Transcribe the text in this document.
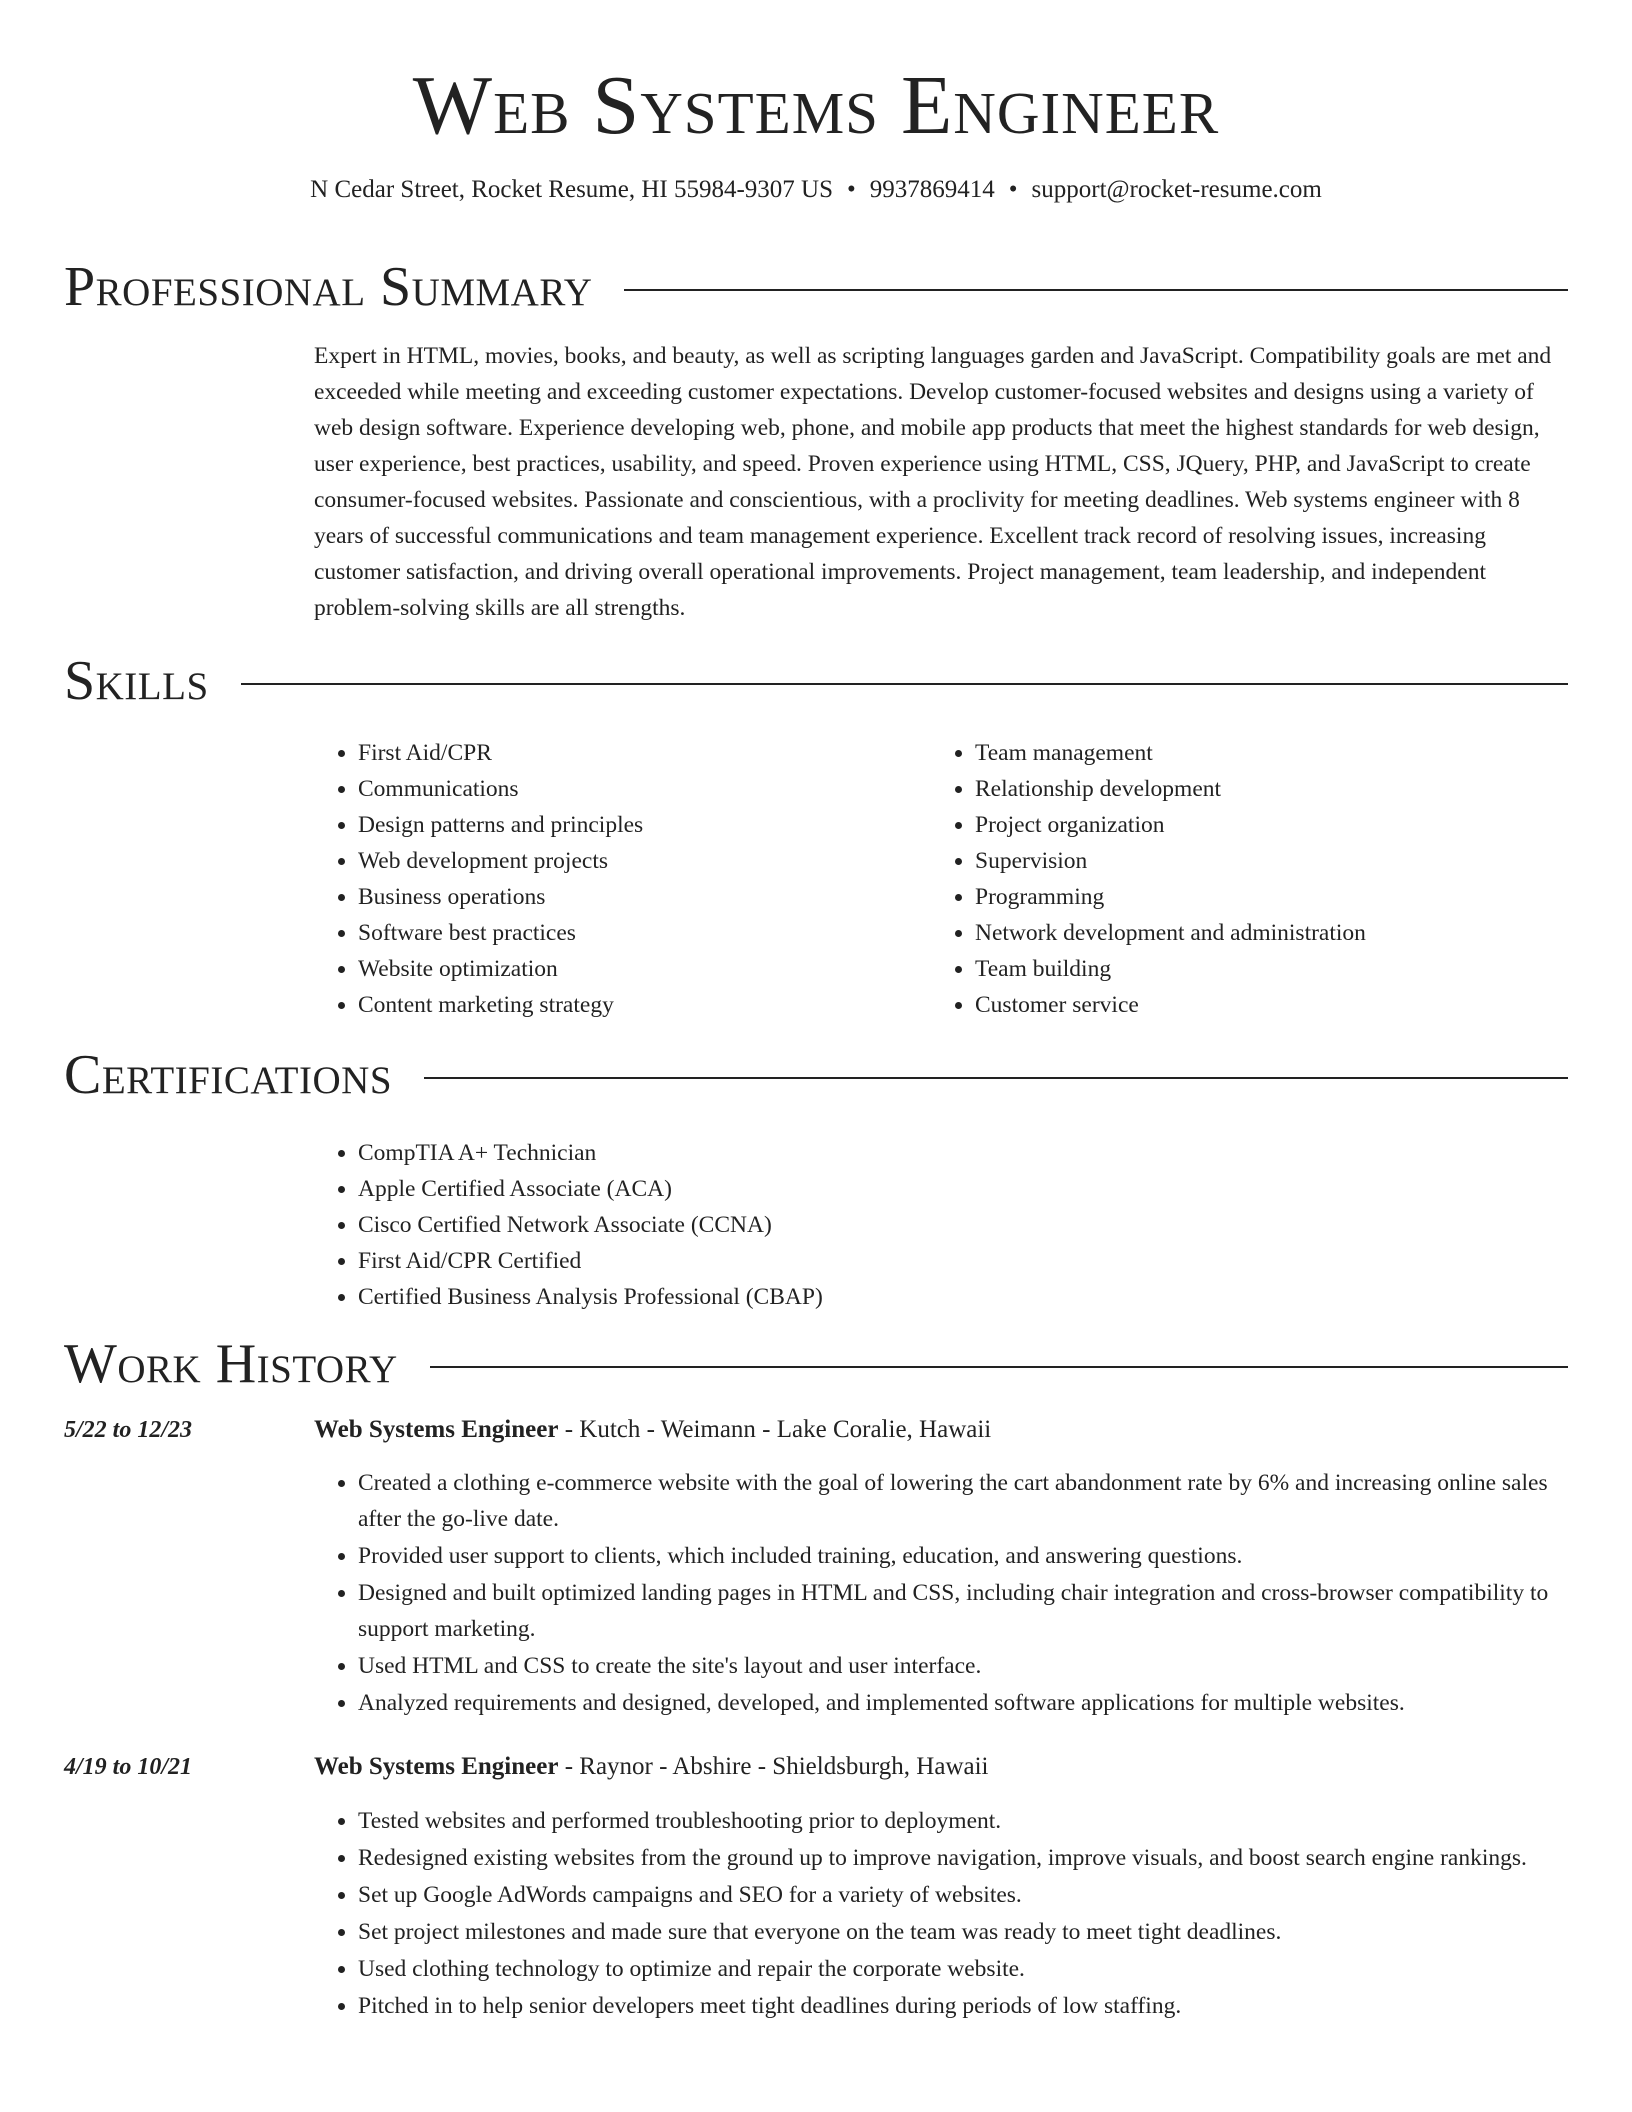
Web Systems Engineer
N Cedar Street, Rocket Resume, HI 55984-9307 US • 9937869414 • support@rocket-resume.com
Professional Summary

Expert in HTML, movies, books, and beauty, as well as scripting languages garden and JavaScript. Compatibility goals are met and exceeded while meeting and exceeding customer expectations. Develop customer-focused websites and designs using a variety of web design software. Experience developing web, phone, and mobile app products that meet the highest standards for web design, user experience, best practices, usability, and speed. Proven experience using HTML, CSS, JQuery, PHP, and JavaScript to create consumer-focused websites. Passionate and conscientious, with a proclivity for meeting deadlines. Web systems engineer with 8 years of successful communications and team management experience. Excellent track record of resolving issues, increasing customer satisfaction, and driving overall operational improvements. Project management, team leadership, and independent problem-solving skills are all strengths.

Skills
• First Aid/CPR
• Communications
• Design patterns and principles
• Web development projects
• Business operations
• Software best practices
• Website optimization
• Content marketing strategy
• Team management
• Relationship development
• Project organization
• Supervision
• Programming
• Network development and administration
• Team building
• Customer service
Certifications
• CompTIA A+ Technician
• Apple Certified Associate (ACA)
• Cisco Certified Network Associate (CCNA)
• First Aid/CPR Certified
• Certified Business Analysis Professional (CBAP)
Work History
5/22 to 12/23	Web Systems Engineer - Kutch - Weimann - Lake Coralie, Hawaii
• Created a clothing e-commerce website with the goal of lowering the cart abandonment rate by 6% and increasing online sales after the go-live date.
• Provided user support to clients, which included training, education, and answering questions.
• Designed and built optimized landing pages in HTML and CSS, including chair integration and cross-browser compatibility to support marketing.
• Used HTML and CSS to create the site's layout and user interface.
• Analyzed requirements and designed, developed, and implemented software applications for multiple websites.
4/19 to 10/21	Web Systems Engineer - Raynor - Abshire - Shieldsburgh, Hawaii
• Tested websites and performed troubleshooting prior to deployment.
• Redesigned existing websites from the ground up to improve navigation, improve visuals, and boost search engine rankings.
• Set up Google AdWords campaigns and SEO for a variety of websites.
• Set project milestones and made sure that everyone on the team was ready to meet tight deadlines.
• Used clothing technology to optimize and repair the corporate website.
• Pitched in to help senior developers meet tight deadlines during periods of low staffing.
